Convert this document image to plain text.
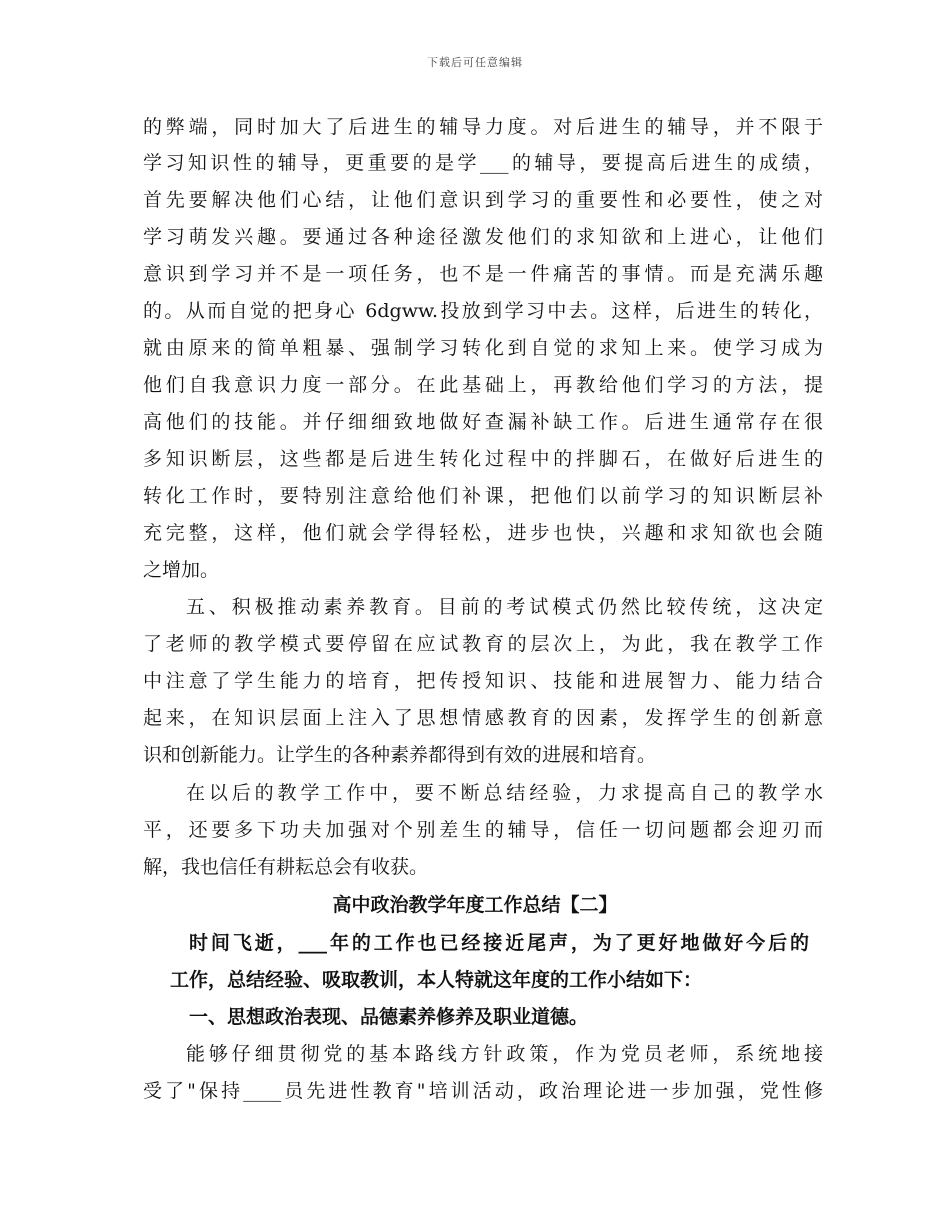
下载后可任意编辑
的弊端，同时加大了后进生的辅导力度。对后进生的辅导，并不限于
学习知识性的辅导，更重要的是学___的辅导，要提高后进生的成绩，
首先要解决他们心结，让他们意识到学习的重要性和必要性，使之对
学习萌发兴趣。要通过各种途径激发他们的求知欲和上进心，让他们
意识到学习并不是一项任务，也不是一件痛苦的事情。而是充满乐趣
的。从而自觉的把身心 6dgww.投放到学习中去。这样，后进生的转化，
就由原来的简单粗暴、强制学习转化到自觉的求知上来。使学习成为
他们自我意识力度一部分。在此基础上，再教给他们学习的方法，提
高他们的技能。并仔细细致地做好查漏补缺工作。后进生通常存在很
多知识断层，这些都是后进生转化过程中的拌脚石，在做好后进生的
转化工作时，要特别注意给他们补课，把他们以前学习的知识断层补
充完整，这样，他们就会学得轻松，进步也快，兴趣和求知欲也会随
之增加。
五、积极推动素养教育。目前的考试模式仍然比较传统，这决定
了老师的教学模式要停留在应试教育的层次上，为此，我在教学工作
中注意了学生能力的培育，把传授知识、技能和进展智力、能力结合
起来，在知识层面上注入了思想情感教育的因素，发挥学生的创新意
识和创新能力。让学生的各种素养都得到有效的进展和培育。
在以后的教学工作中，要不断总结经验，力求提高自己的教学水
平，还要多下功夫加强对个别差生的辅导，信任一切问题都会迎刃而
解，我也信任有耕耘总会有收获。
高中政治教学年度工作总结【二】
时间飞逝，___年的工作也已经接近尾声，为了更好地做好今后的
工作，总结经验、吸取教训，本人特就这年度的工作小结如下：
一、思想政治表现、品德素养修养及职业道德。
能够仔细贯彻党的基本路线方针政策，作为党员老师，系统地接
受了"保持____员先进性教育"培训活动，政治理论进一步加强，党性修
